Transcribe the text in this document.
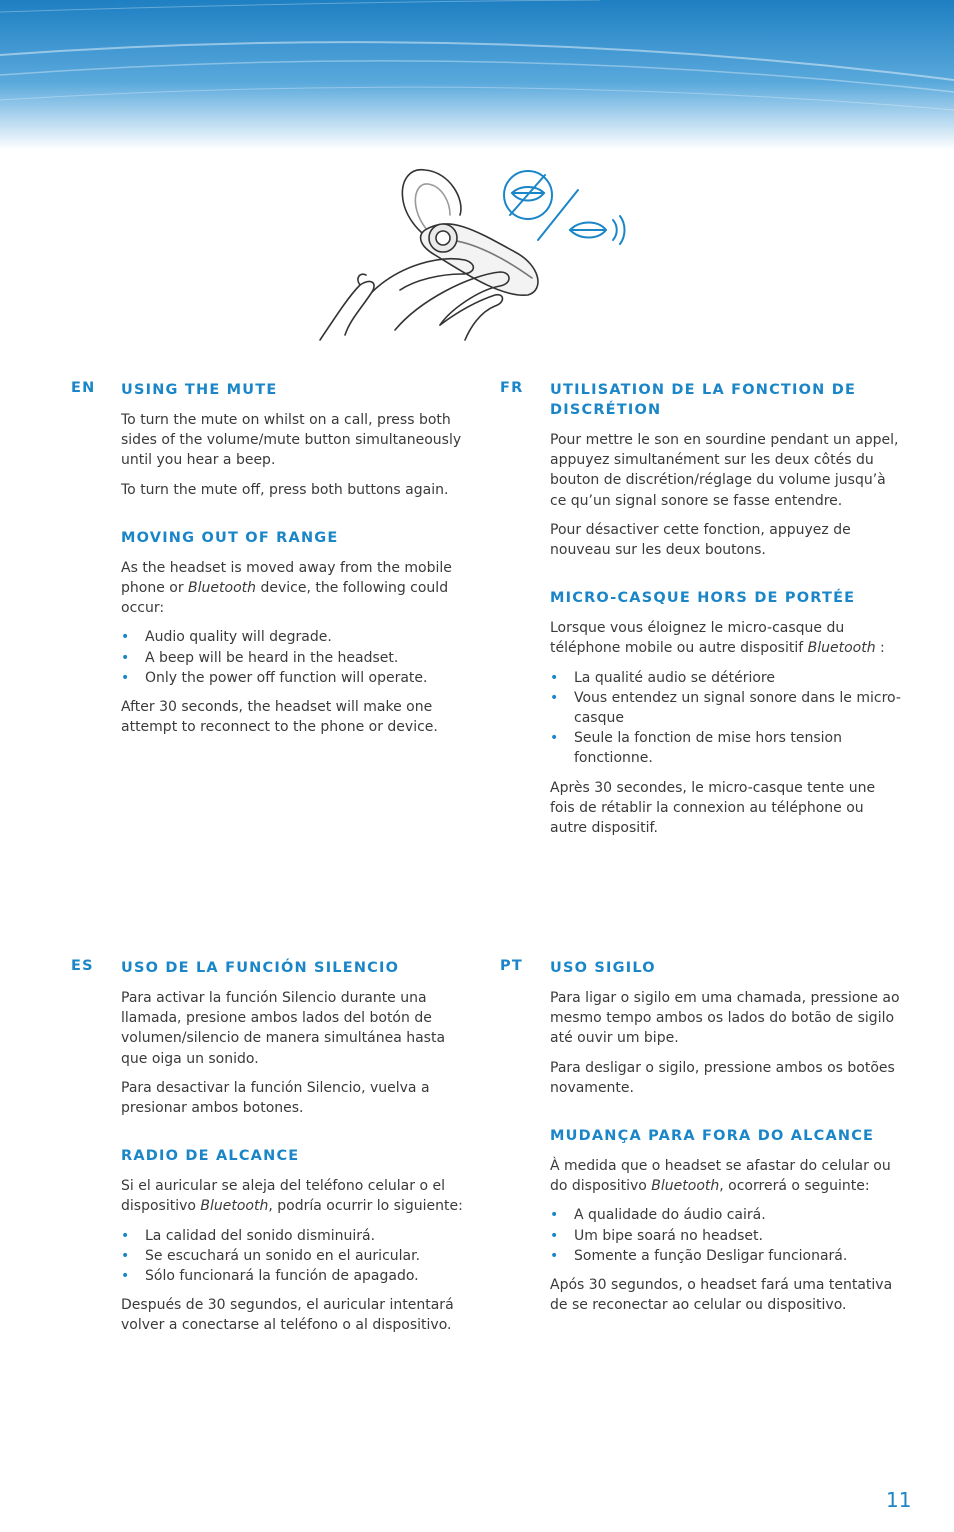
EN USING THE MUTE

To turn the mute on whilst on a call, press both sides of the volume/mute button simultaneously until you hear a beep.

To turn the mute off, press both buttons again.

MOVING OUT OF RANGE

As the headset is moved away from the mobile phone or Bluetooth device, the following could occur:

• Audio quality will degrade.
• A beep will be heard in the headset.
• Only the power off function will operate.

After 30 seconds, the headset will make one attempt to reconnect to the phone or device.

FR UTILISATION DE LA FONCTION DE DISCRÉTION

Pour mettre le son en sourdine pendant un appel, appuyez simultanément sur les deux côtés du bouton de discrétion/réglage du volume jusqu’à ce qu’un signal sonore se fasse entendre.

Pour désactiver cette fonction, appuyez de nouveau sur les deux boutons.

MICRO-CASQUE HORS DE PORTÉE

Lorsque vous éloignez le micro-casque du téléphone mobile ou autre dispositif Bluetooth :

• La qualité audio se détériore
• Vous entendez un signal sonore dans le micro-casque
• Seule la fonction de mise hors tension fonctionne.

Après 30 secondes, le micro-casque tente une fois de rétablir la connexion au téléphone ou autre dispositif.

ES USO DE LA FUNCIÓN SILENCIO

Para activar la función Silencio durante una llamada, presione ambos lados del botón de volumen/silencio de manera simultánea hasta que oiga un sonido.

Para desactivar la función Silencio, vuelva a presionar ambos botones.

RADIO DE ALCANCE

Si el auricular se aleja del teléfono celular o el dispositivo Bluetooth, podría ocurrir lo siguiente:

• La calidad del sonido disminuirá.
• Se escuchará un sonido en el auricular.
• Sólo funcionará la función de apagado.

Después de 30 segundos, el auricular intentará volver a conectarse al teléfono o al dispositivo.

PT USO SIGILO

Para ligar o sigilo em uma chamada, pressione ao mesmo tempo ambos os lados do botão de sigilo até ouvir um bipe.

Para desligar o sigilo, pressione ambos os botões novamente.

MUDANÇA PARA FORA DO ALCANCE

À medida que o headset se afastar do celular ou do dispositivo Bluetooth, ocorrerá o seguinte:

• A qualidade do áudio cairá.
• Um bipe soará no headset.
• Somente a função Desligar funcionará.

Após 30 segundos, o headset fará uma tentativa de se reconectar ao celular ou dispositivo.

11
